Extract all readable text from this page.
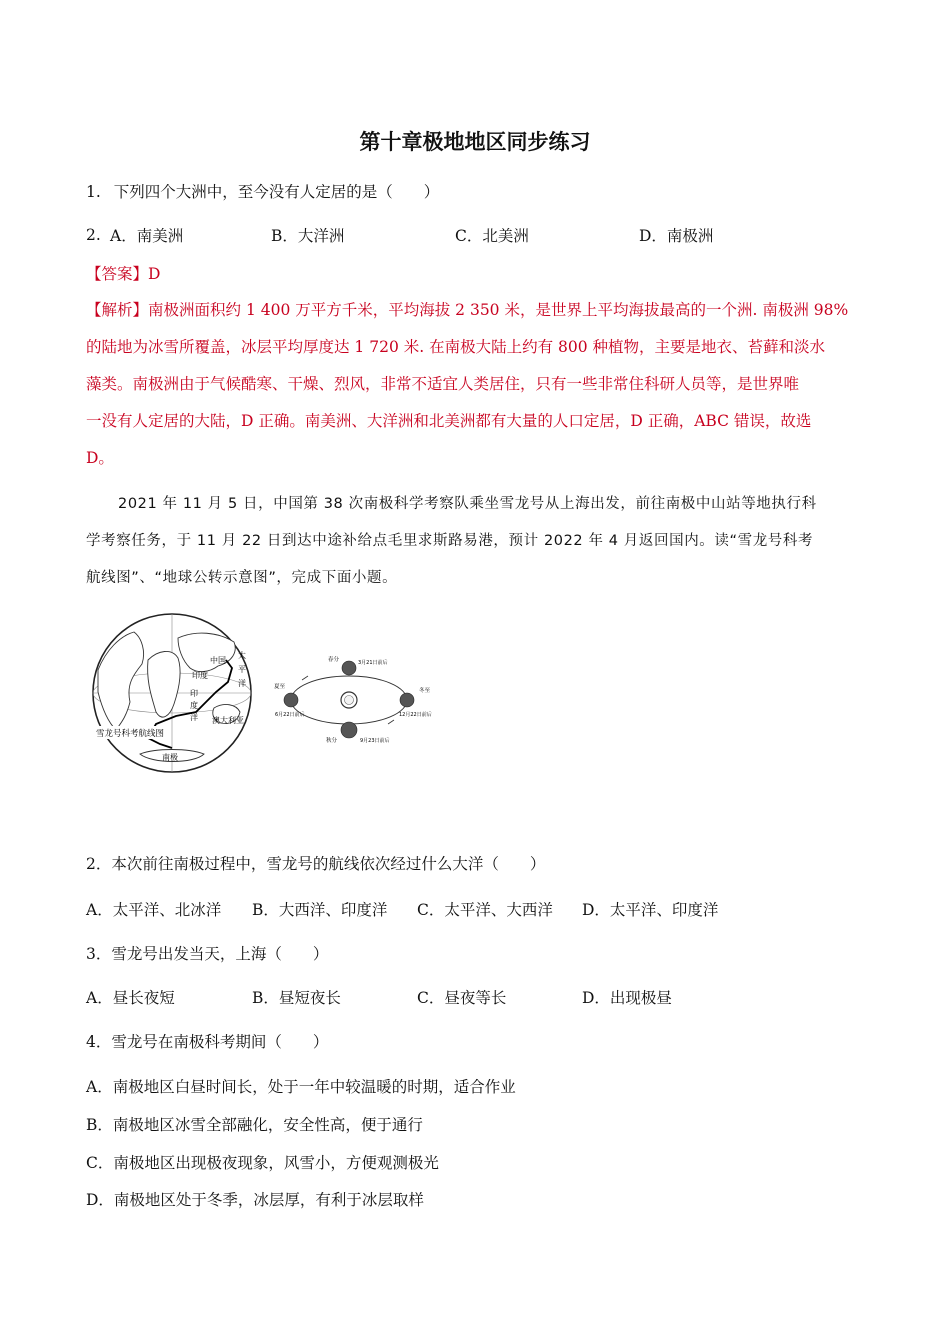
第十章极地地区同步练习
1. 下列四个大洲中，至今没有人定居的是（　　）
2. A．南美洲	B．大洋洲	C．北美洲	D．南极洲
【答案】D
【解析】南极洲面积约 1 400 万平方千米，平均海拔 2 350 米，是世界上平均海拔最高的一个洲. 南极洲 98%
的陆地为冰雪所覆盖，冰层平均厚度达 1 720 米. 在南极大陆上约有 800 种植物，主要是地衣、苔藓和淡水
藻类。南极洲由于气候酷寒、干燥、烈风，非常不适宜人类居住，只有一些非常住科研人员等，是世界唯
一没有人定居的大陆，D 正确。南美洲、大洋洲和北美洲都有大量的人口定居，D 正确，ABC 错误，故选
D。
2021 年 11 月 5 日，中国第 38 次南极科学考察队乘坐雪龙号从上海出发，前往南极中山站等地执行科
学考察任务，于 11 月 22 日到达中途补给点毛里求斯路易港，预计 2022 年 4 月返回国内。读“雪龙号科考
航线图”、“地球公转示意图”，完成下面小题。
雪龙号科考航线图
中国
太
平
洋
印度
印
度
洋 澳大利亚
南极
春分	3月21日前后
夏至
6月22日前后
秋分	9月23日前后
冬至
12月22日前后
2．本次前往南极过程中，雪龙号的航线依次经过什么大洋（　　）
A．太平洋、北冰洋 B．大西洋、印度洋 C．太平洋、大西洋 D．太平洋、印度洋
3．雪龙号出发当天，上海（　　）
A．昼长夜短	B．昼短夜长	C．昼夜等长	D．出现极昼
4．雪龙号在南极科考期间（　　）
A．南极地区白昼时间长，处于一年中较温暖的时期，适合作业
B．南极地区冰雪全部融化，安全性高，便于通行
C．南极地区出现极夜现象，风雪小，方便观测极光
D．南极地区处于冬季，冰层厚，有利于冰层取样
